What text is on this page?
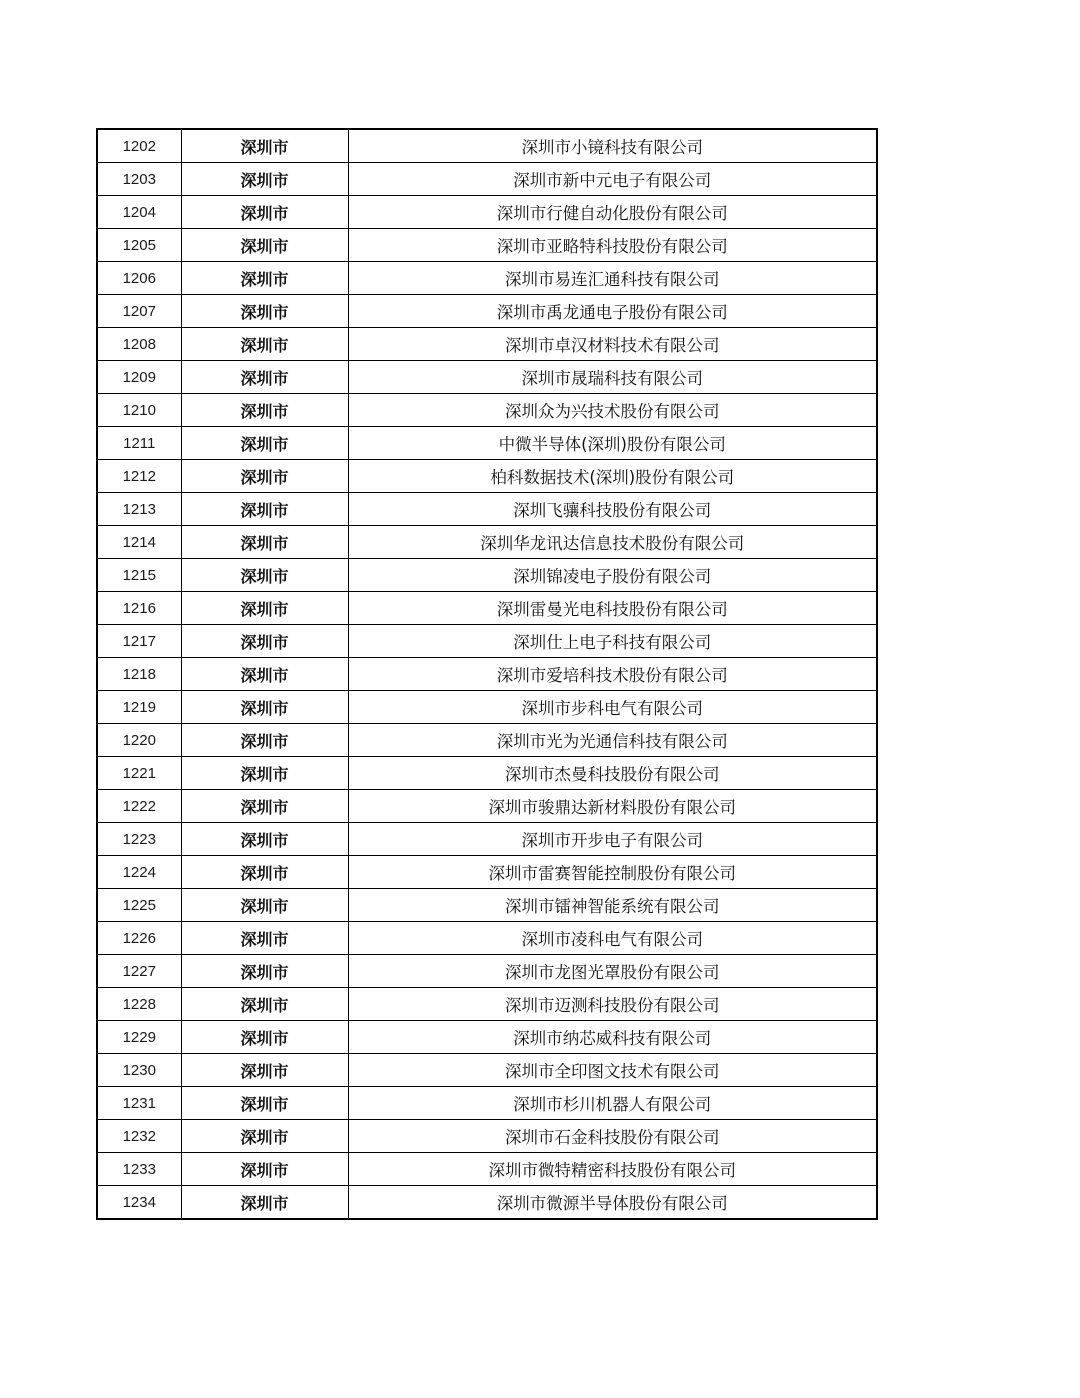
1202	深圳市	深圳市小镜科技有限公司
1203	深圳市	深圳市新中元电子有限公司
1204	深圳市	深圳市行健自动化股份有限公司
1205	深圳市	深圳市亚略特科技股份有限公司
1206	深圳市	深圳市易连汇通科技有限公司
1207	深圳市	深圳市禹龙通电子股份有限公司
1208	深圳市	深圳市卓汉材料技术有限公司
1209	深圳市	深圳市晟瑞科技有限公司
1210	深圳市	深圳众为兴技术股份有限公司
1211	深圳市	中微半导体(深圳)股份有限公司
1212	深圳市	柏科数据技术(深圳)股份有限公司
1213	深圳市	深圳飞骧科技股份有限公司
1214	深圳市	深圳华龙讯达信息技术股份有限公司
1215	深圳市	深圳锦凌电子股份有限公司
1216	深圳市	深圳雷曼光电科技股份有限公司
1217	深圳市	深圳仕上电子科技有限公司
1218	深圳市	深圳市爱培科技术股份有限公司
1219	深圳市	深圳市步科电气有限公司
1220	深圳市	深圳市光为光通信科技有限公司
1221	深圳市	深圳市杰曼科技股份有限公司
1222	深圳市	深圳市骏鼎达新材料股份有限公司
1223	深圳市	深圳市开步电子有限公司
1224	深圳市	深圳市雷赛智能控制股份有限公司
1225	深圳市	深圳市镭神智能系统有限公司
1226	深圳市	深圳市凌科电气有限公司
1227	深圳市	深圳市龙图光罩股份有限公司
1228	深圳市	深圳市迈测科技股份有限公司
1229	深圳市	深圳市纳芯威科技有限公司
1230	深圳市	深圳市全印图文技术有限公司
1231	深圳市	深圳市杉川机器人有限公司
1232	深圳市	深圳市石金科技股份有限公司
1233	深圳市	深圳市微特精密科技股份有限公司
1234	深圳市	深圳市微源半导体股份有限公司
